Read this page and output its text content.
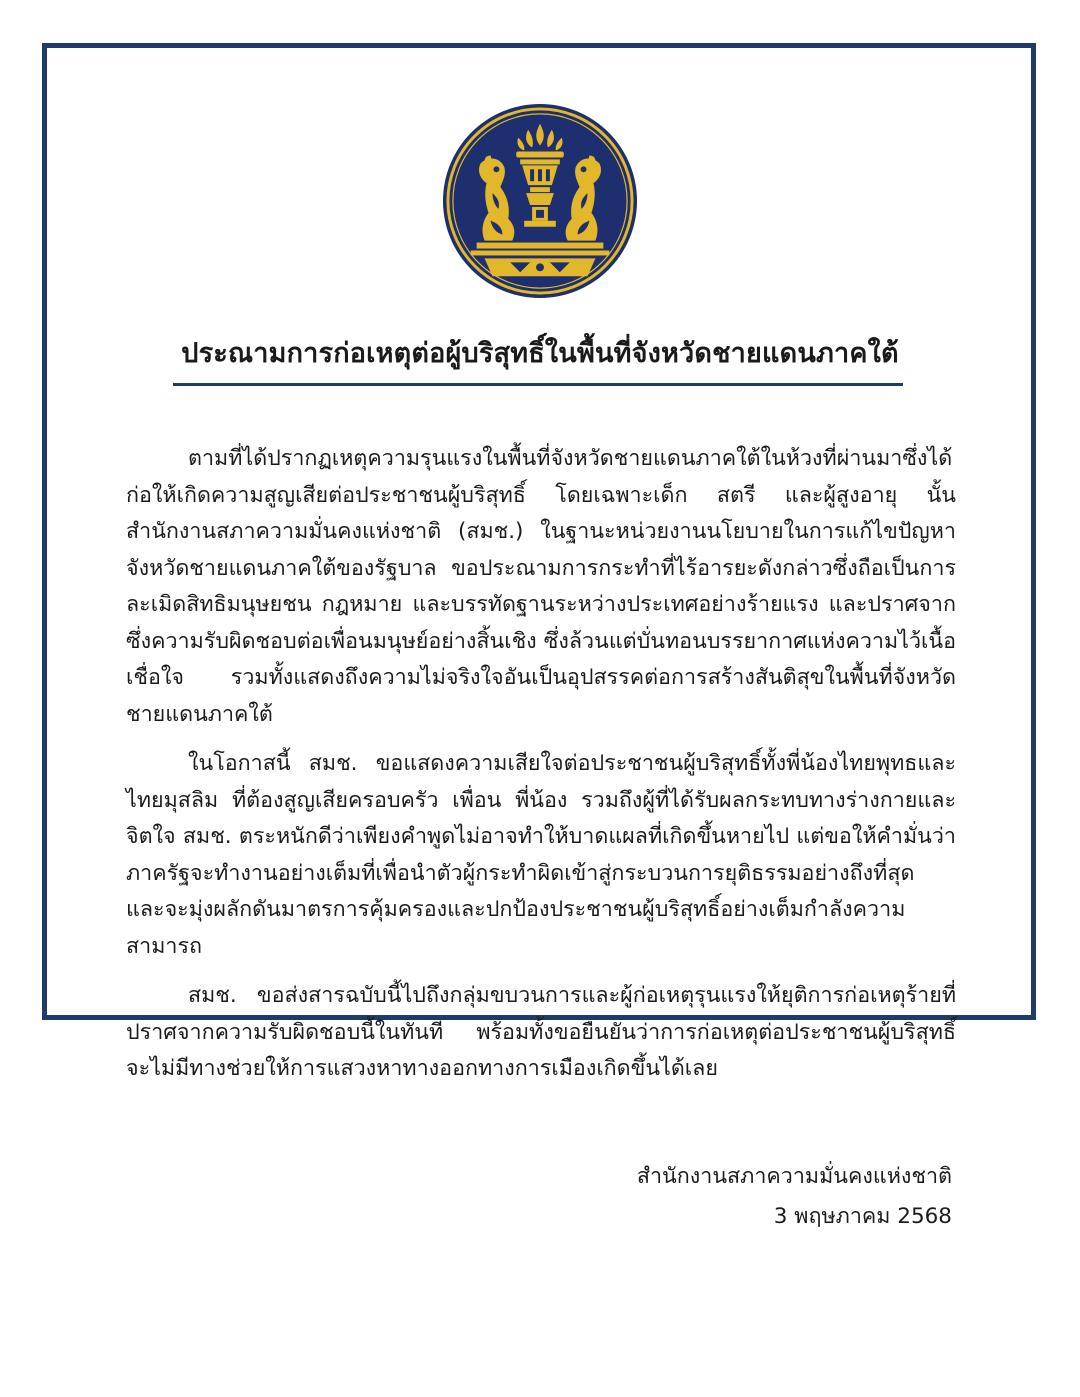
ประณามการก่อเหตุต่อผู้บริสุทธิ์ในพื้นที่จังหวัดชายแดนภาคใต้

ตามที่ได้ปรากฏเหตุความรุนแรงในพื้นที่จังหวัดชายแดนภาคใต้ในห้วงที่ผ่านมาซึ่งได้ก่อให้เกิดความสูญเสียต่อประชาชนผู้บริสุทธิ์ โดยเฉพาะเด็ก สตรี และผู้สูงอายุ นั้น สำนักงานสภาความมั่นคงแห่งชาติ (สมช.) ในฐานะหน่วยงานนโยบายในการแก้ไขปัญหาจังหวัดชายแดนภาคใต้ของรัฐบาล ขอประณามการกระทำที่ไร้อารยะดังกล่าวซึ่งถือเป็นการละเมิดสิทธิมนุษยชน กฎหมาย และบรรทัดฐานระหว่างประเทศอย่างร้ายแรง และปราศจากซึ่งความรับผิดชอบต่อเพื่อนมนุษย์อย่างสิ้นเชิง ซึ่งล้วนแต่บั่นทอนบรรยากาศแห่งความไว้เนื้อเชื่อใจ รวมทั้งแสดงถึงความไม่จริงใจอันเป็นอุปสรรคต่อการสร้างสันติสุขในพื้นที่จังหวัดชายแดนภาคใต้

ในโอกาสนี้ สมช. ขอแสดงความเสียใจต่อประชาชนผู้บริสุทธิ์ทั้งพี่น้องไทยพุทธและไทยมุสลิม ที่ต้องสูญเสียครอบครัว เพื่อน พี่น้อง รวมถึงผู้ที่ได้รับผลกระทบทางร่างกายและจิตใจ สมช. ตระหนักดีว่าเพียงคำพูดไม่อาจทำให้บาดแผลที่เกิดขึ้นหายไป แต่ขอให้คำมั่นว่าภาครัฐจะทำงานอย่างเต็มที่เพื่อนำตัวผู้กระทำผิดเข้าสู่กระบวนการยุติธรรมอย่างถึงที่สุด และจะมุ่งผลักดันมาตรการคุ้มครองและปกป้องประชาชนผู้บริสุทธิ์อย่างเต็มกำลังความสามารถ

สมช. ขอส่งสารฉบับนี้ไปถึงกลุ่มขบวนการและผู้ก่อเหตุรุนแรงให้ยุติการก่อเหตุร้ายที่ปราศจากความรับผิดชอบนี้ในทันที พร้อมทั้งขอยืนยันว่าการก่อเหตุต่อประชาชนผู้บริสุทธิ์ จะไม่มีทางช่วยให้การแสวงหาทางออกทางการเมืองเกิดขึ้นได้เลย

สำนักงานสภาความมั่นคงแห่งชาติ
3 พฤษภาคม 2568
